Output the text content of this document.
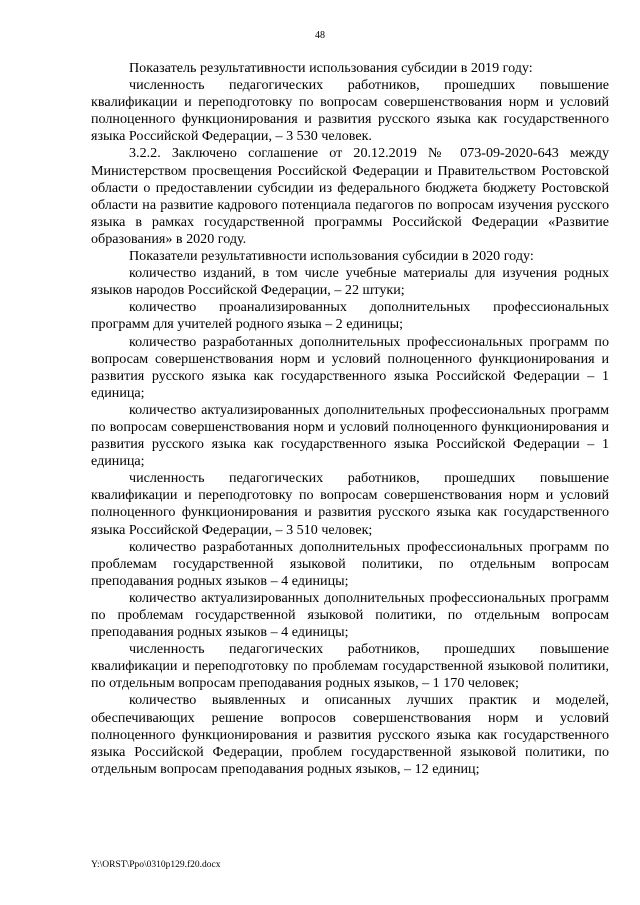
48

Показатель результативности использования субсидии в 2019 году:

численность педагогических работников, прошедших повышение квалификации и переподготовку по вопросам совершенствования норм и условий полноценного функционирования и развития русского языка как государственного языка Российской Федерации, – 3 530 человек.

3.2.2. Заключено соглашение от 20.12.2019 № 073-09-2020-643 между Министерством просвещения Российской Федерации и Правительством Ростовской области о предоставлении субсидии из федерального бюджета бюджету Ростовской области на развитие кадрового потенциала педагогов по вопросам изучения русского языка в рамках государственной программы Российской Федерации «Развитие образования» в 2020 году.

Показатели результативности использования субсидии в 2020 году:

количество изданий, в том числе учебные материалы для изучения родных языков народов Российской Федерации, – 22 штуки;

количество проанализированных дополнительных профессиональных программ для учителей родного языка – 2 единицы;

количество разработанных дополнительных профессиональных программ по вопросам совершенствования норм и условий полноценного функционирования и развития русского языка как государственного языка Российской Федерации – 1 единица;

количество актуализированных дополнительных профессиональных программ по вопросам совершенствования норм и условий полноценного функционирования и развития русского языка как государственного языка Российской Федерации – 1 единица;

численность педагогических работников, прошедших повышение квалификации и переподготовку по вопросам совершенствования норм и условий полноценного функционирования и развития русского языка как государственного языка Российской Федерации, – 3 510 человек;

количество разработанных дополнительных профессиональных программ по проблемам государственной языковой политики, по отдельным вопросам преподавания родных языков – 4 единицы;

количество актуализированных дополнительных профессиональных программ по проблемам государственной языковой политики, по отдельным вопросам преподавания родных языков – 4 единицы;

численность педагогических работников, прошедших повышение квалификации и переподготовку по проблемам государственной языковой политики, по отдельным вопросам преподавания родных языков, – 1 170 человек;

количество выявленных и описанных лучших практик и моделей, обеспечивающих решение вопросов совершенствования норм и условий полноценного функционирования и развития русского языка как государственного языка Российской Федерации, проблем государственной языковой политики, по отдельным вопросам преподавания родных языков, – 12 единиц;

Y:\ORST\Ppo\0310p129.f20.docx
